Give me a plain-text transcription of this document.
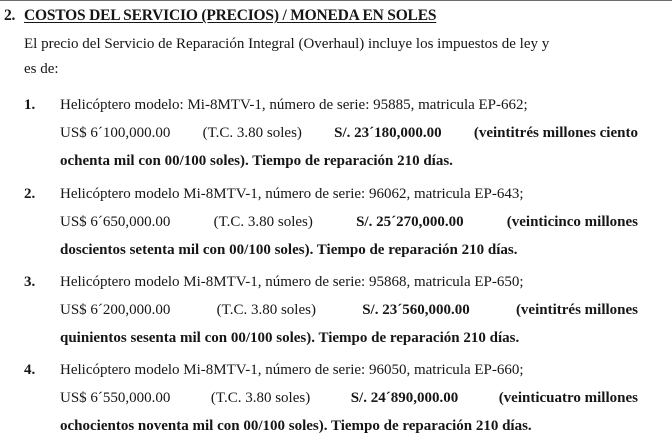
2. COSTOS DEL SERVICIO (PRECIOS) / MONEDA EN SOLES

El precio del Servicio de Reparación Integral (Overhaul) incluye los impuestos de ley y
es de:

1. Helicóptero modelo: Mi-8MTV-1, número de serie: 95885, matricula EP-662;
US$ 6´100,000.00 (T.C. 3.80 soles) S/. 23´180,000.00 (veintitrés millones ciento
ochenta mil con 00/100 soles). Tiempo de reparación 210 días.
2. Helicóptero modelo Mi-8MTV-1, número de serie: 96062, matricula EP-643;
US$ 6´650,000.00	(T.C. 3.80 soles)	S/. 25´270,000.00	(veinticinco millones
doscientos setenta mil con 00/100 soles). Tiempo de reparación 210 días.
3. Helicóptero modelo Mi-8MTV-1, número de serie: 95868, matricula EP-650;
US$ 6´200,000.00	(T.C. 3.80 soles)	S/. 23´560,000.00	(veintitrés millones
quinientos sesenta mil con 00/100 soles). Tiempo de reparación 210 días.
4. Helicóptero modelo Mi-8MTV-1, número de serie: 96050, matricula EP-660;
US$ 6´550,000.00	(T.C. 3.80 soles)	S/. 24´890,000.00	(veinticuatro millones
ochocientos noventa mil con 00/100 soles). Tiempo de reparación 210 días.
